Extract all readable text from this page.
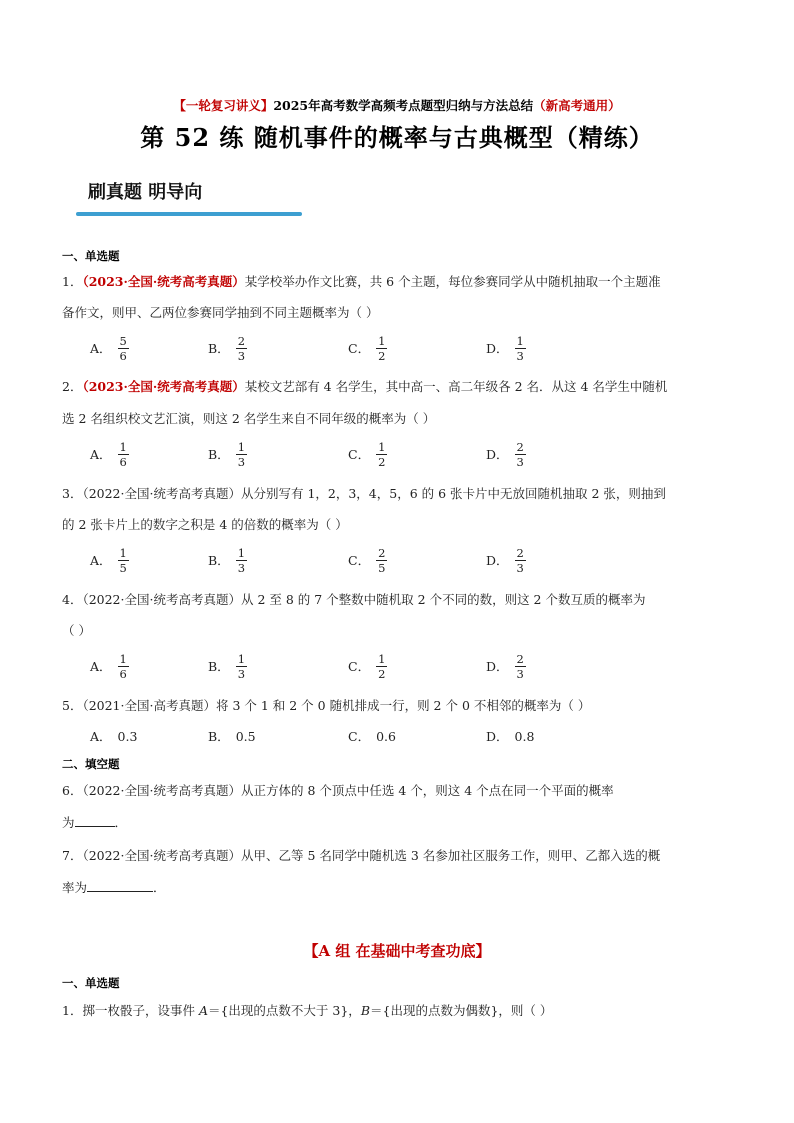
【一轮复习讲义】2025年高考数学高频考点题型归纳与方法总结（新高考通用）
第 52 练 随机事件的概率与古典概型（精练）
刷真题 明导向
一、单选题
1．（2023·全国·统考高考真题）某学校举办作文比赛，共 6 个主题，每位参赛同学从中随机抽取一个主题准
备作文，则甲、乙两位参赛同学抽到不同主题概率为（ ）
A． $\frac{5}{6}$	B． $\frac{2}{3}$	C． $\frac{1}{2}$	D． $\frac{1}{3}$
2．（2023·全国·统考高考真题）某校文艺部有 4 名学生，其中高一、高二年级各 2 名．从这 4 名学生中随机
选 2 名组织校文艺汇演，则这 2 名学生来自不同年级的概率为（ ）
A． $\frac{1}{6}$	B． $\frac{1}{3}$	C． $\frac{1}{2}$	D． $\frac{2}{3}$
3．（2022·全国·统考高考真题）从分别写有 1，2，3，4，5，6 的 6 张卡片中无放回随机抽取 2 张，则抽到
的 2 张卡片上的数字之积是 4 的倍数的概率为（ ）
A． $\frac{1}{5}$	B． $\frac{1}{3}$	C． $\frac{2}{5}$	D． $\frac{2}{3}$
4．（2022·全国·统考高考真题）从 2 至 8 的 7 个整数中随机取 2 个不同的数，则这 2 个数互质的概率为
（ ）
A． $\frac{1}{6}$	B． $\frac{1}{3}$	C． $\frac{1}{2}$	D． $\frac{2}{3}$
5．（2021·全国·高考真题）将 3 个 1 和 2 个 0 随机排成一行，则 2 个 0 不相邻的概率为（ ）
A． 0.3	B． 0.5	C． 0.6	D． 0.8
二、填空题
6．（2022·全国·统考高考真题）从正方体的 8 个顶点中任选 4 个，则这 4 个点在同一个平面的概率
为	．
7．（2022·全国·统考高考真题）从甲、乙等 5 名同学中随机选 3 名参加社区服务工作，则甲、乙都入选的概
率为	．
【A 组 在基础中考查功底】
一、单选题
1．掷一枚骰子，设事件 A＝{出现的点数不大于 3}，B＝{出现的点数为偶数}，则（ ）
